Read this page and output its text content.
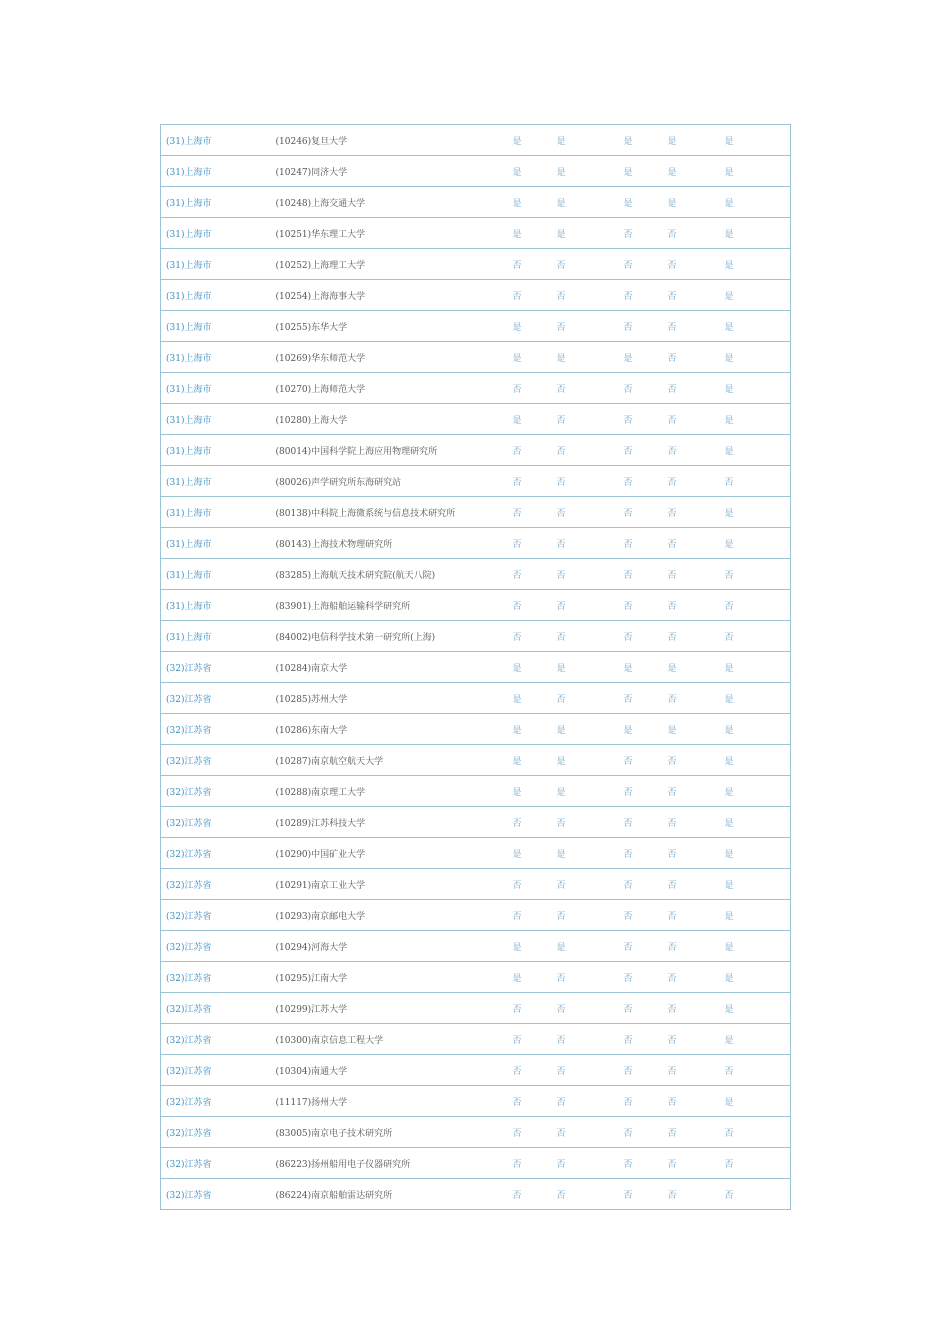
(31)上海市	(10246)复旦大学	是	是	是	是	是
(31)上海市	(10247)同济大学	是	是	是	是	是
(31)上海市	(10248)上海交通大学	是	是	是	是	是
(31)上海市	(10251)华东理工大学	是	是	否	否	是
(31)上海市	(10252)上海理工大学	否	否	否	否	是
(31)上海市	(10254)上海海事大学	否	否	否	否	是
(31)上海市	(10255)东华大学	是	否	否	否	是
(31)上海市	(10269)华东师范大学	是	是	是	否	是
(31)上海市	(10270)上海师范大学	否	否	否	否	是
(31)上海市	(10280)上海大学	是	否	否	否	是
(31)上海市	(80014)中国科学院上海应用物理研究所	否	否	否	否	是
(31)上海市	(80026)声学研究所东海研究站	否	否	否	否	否
(31)上海市	(80138)中科院上海微系统与信息技术研究所	否	否	否	否	是
(31)上海市	(80143)上海技术物理研究所	否	否	否	否	是
(31)上海市	(83285)上海航天技术研究院(航天八院)	否	否	否	否	否
(31)上海市	(83901)上海船舶运输科学研究所	否	否	否	否	否
(31)上海市	(84002)电信科学技术第一研究所(上海)	否	否	否	否	否
(32)江苏省	(10284)南京大学	是	是	是	是	是
(32)江苏省	(10285)苏州大学	是	否	否	否	是
(32)江苏省	(10286)东南大学	是	是	是	是	是
(32)江苏省	(10287)南京航空航天大学	是	是	否	否	是
(32)江苏省	(10288)南京理工大学	是	是	否	否	是
(32)江苏省	(10289)江苏科技大学	否	否	否	否	是
(32)江苏省	(10290)中国矿业大学	是	是	否	否	是
(32)江苏省	(10291)南京工业大学	否	否	否	否	是
(32)江苏省	(10293)南京邮电大学	否	否	否	否	是
(32)江苏省	(10294)河海大学	是	是	否	否	是
(32)江苏省	(10295)江南大学	是	否	否	否	是
(32)江苏省	(10299)江苏大学	否	否	否	否	是
(32)江苏省	(10300)南京信息工程大学	否	否	否	否	是
(32)江苏省	(10304)南通大学	否	否	否	否	否
(32)江苏省	(11117)扬州大学	否	否	否	否	是
(32)江苏省	(83005)南京电子技术研究所	否	否	否	否	否
(32)江苏省	(86223)扬州船用电子仪器研究所	否	否	否	否	否
(32)江苏省	(86224)南京船舶雷达研究所	否	否	否	否	否
